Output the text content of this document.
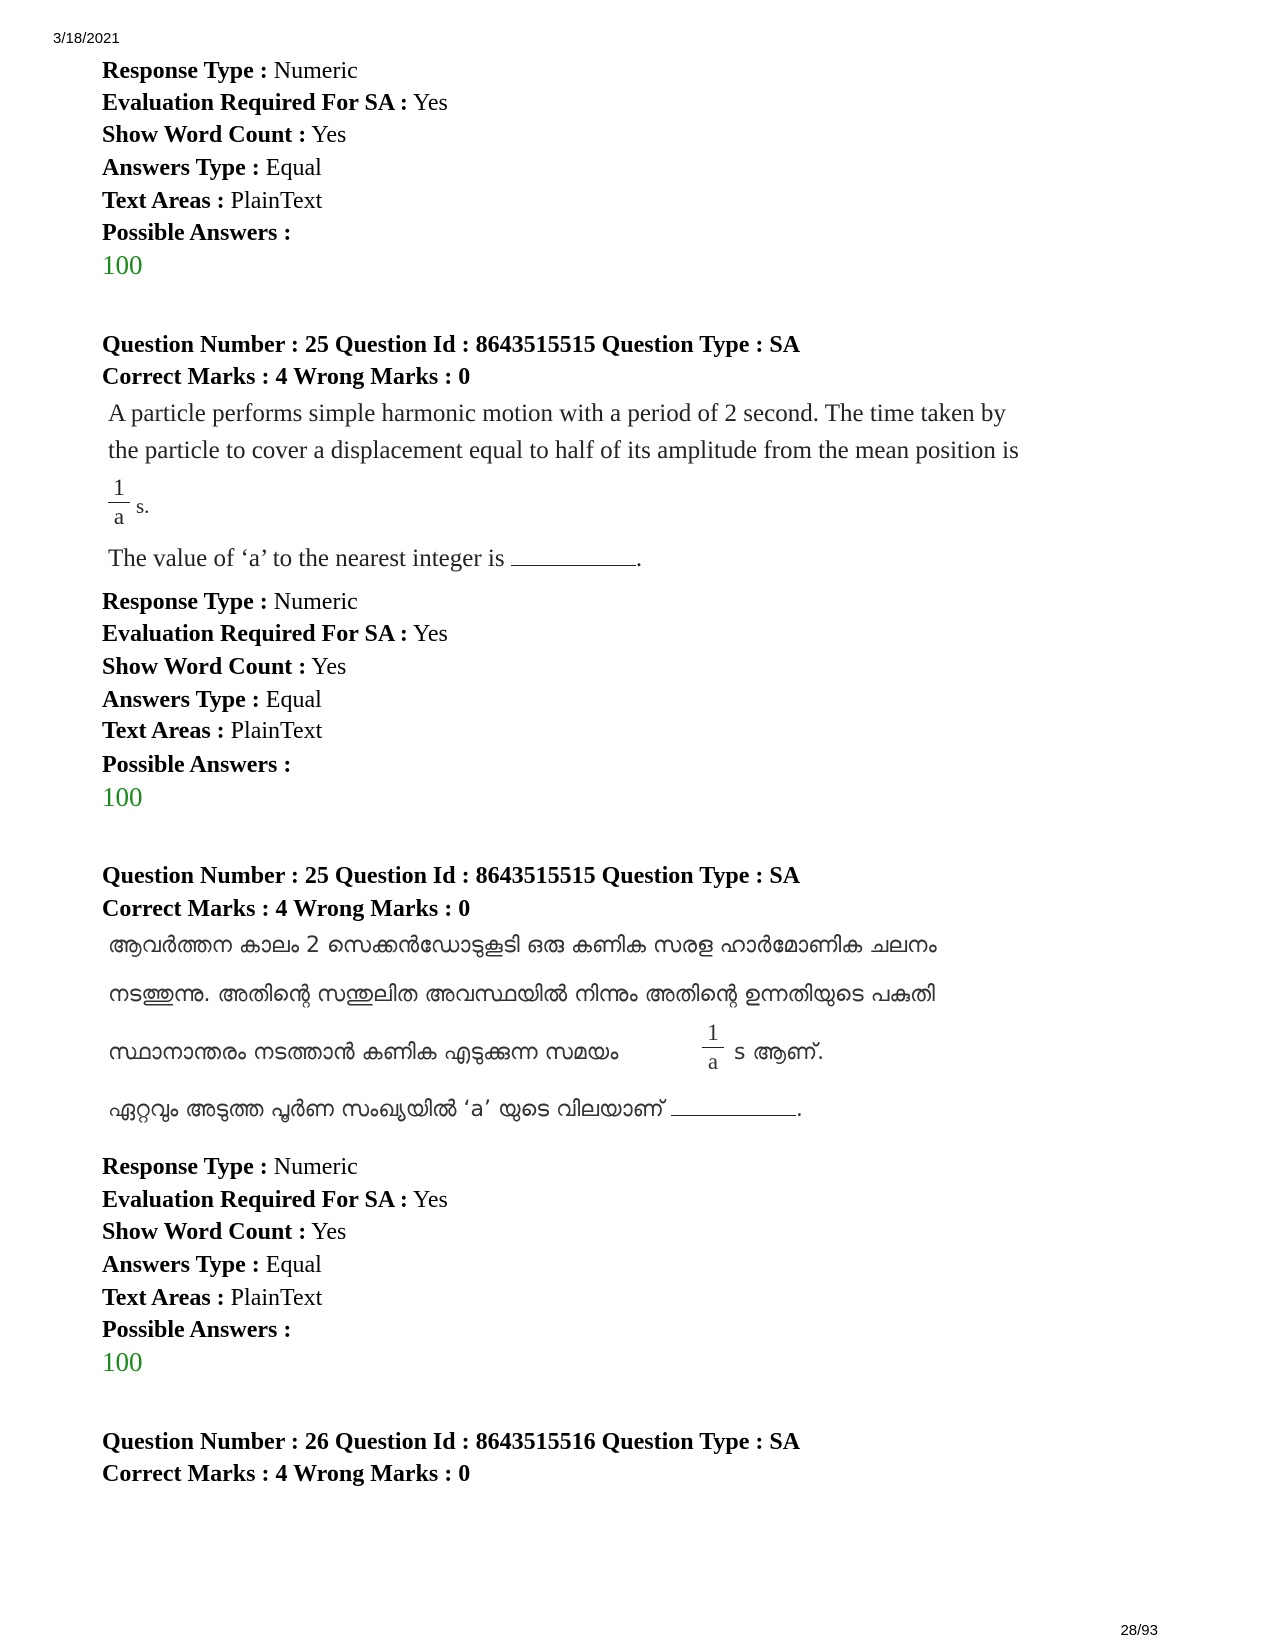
3/18/2021
Response Type : Numeric
Evaluation Required For SA : Yes
Show Word Count : Yes
Answers Type : Equal
Text Areas : PlainText
Possible Answers :
100
Question Number : 25 Question Id : 8643515515 Question Type : SA
Correct Marks : 4 Wrong Marks : 0
A particle performs simple harmonic motion with a period of 2 second. The time taken by
the particle to cover a displacement equal to half of its amplitude from the mean position is
1
a s.
The value of ‘a’ to the nearest integer is	.
Response Type : Numeric
Evaluation Required For SA : Yes
Show Word Count : Yes
Answers Type : Equal
Text Areas : PlainText
Possible Answers :
100
Question Number : 25 Question Id : 8643515515 Question Type : SA
Correct Marks : 4 Wrong Marks : 0
ആവർത്തന കാലം 2 സെക്കൻഡോടുകൂടി ഒരു കണിക സരള ഹാർമോണിക ചലനം
നടത്തുന്നു. അതിന്റെ സന്തുലിത അവസ്ഥയിൽ നിന്നും അതിന്റെ ഉന്നതിയുടെ പകുതി
സ്ഥാനാന്തരം നടത്താൻ കണിക എടുക്കുന്ന സമയം
1
a s ആണ്.
ഏറ്റവും അടുത്ത പൂർണ സംഖ്യയിൽ ‘a’ യുടെ വിലയാണ്	.
Response Type : Numeric
Evaluation Required For SA : Yes
Show Word Count : Yes
Answers Type : Equal
Text Areas : PlainText
Possible Answers :
100
Question Number : 26 Question Id : 8643515516 Question Type : SA
Correct Marks : 4 Wrong Marks : 0
28/93
